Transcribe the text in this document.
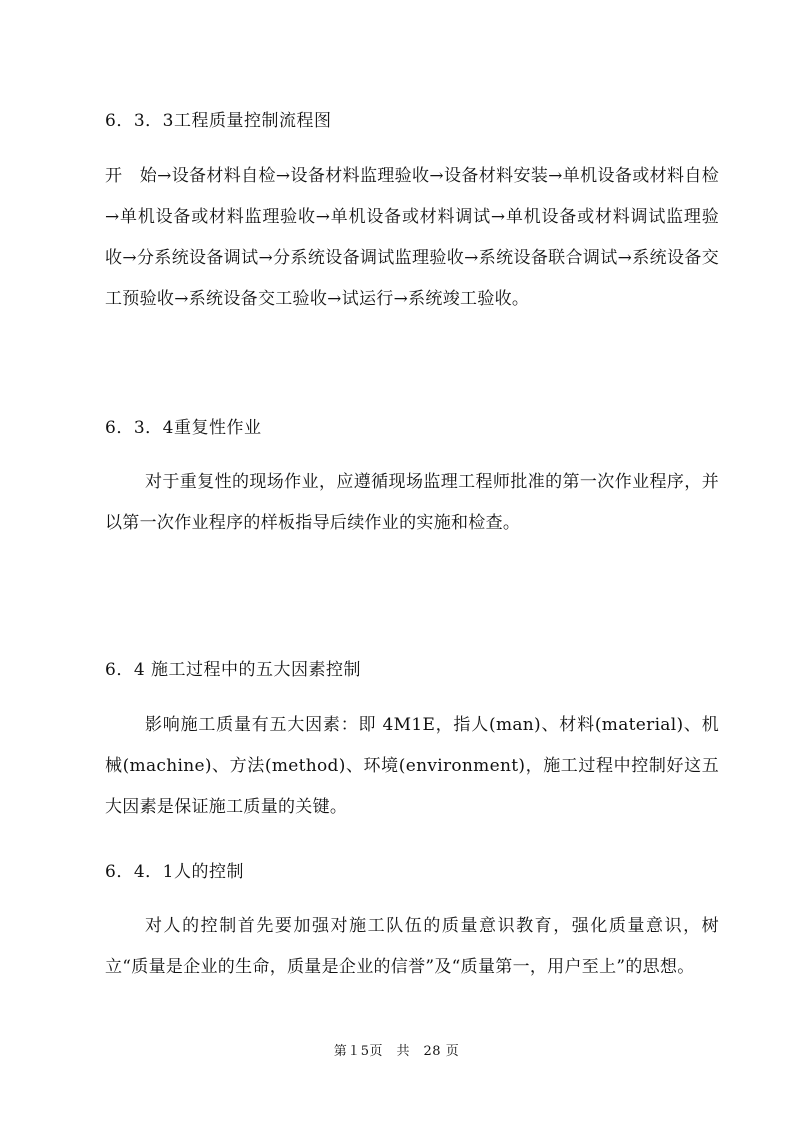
6．3．3工程质量控制流程图
开　始→设备材料自检→设备材料监理验收→设备材料安装→单机设备或材料自检→单机设备或材料监理验收→单机设备或材料调试→单机设备或材料调试监理验收→分系统设备调试→分系统设备调试监理验收→系统设备联合调试→系统设备交工预验收→系统设备交工验收→试运行→系统竣工验收。
6．3．4重复性作业
对于重复性的现场作业，应遵循现场监理工程师批准的第一次作业程序，并以第一次作业程序的样板指导后续作业的实施和检查。
6．4 施工过程中的五大因素控制
影响施工质量有五大因素：即 4M1E，指人(man)、材料(material)、机械(machine)、方法(method)、环境(environment)，施工过程中控制好这五大因素是保证施工质量的关键。
6．4．1人的控制
对人的控制首先要加强对施工队伍的质量意识教育，强化质量意识，树立“质量是企业的生命，质量是企业的信誉”及“质量第一，用户至上”的思想。
第１5页　共　28 页
